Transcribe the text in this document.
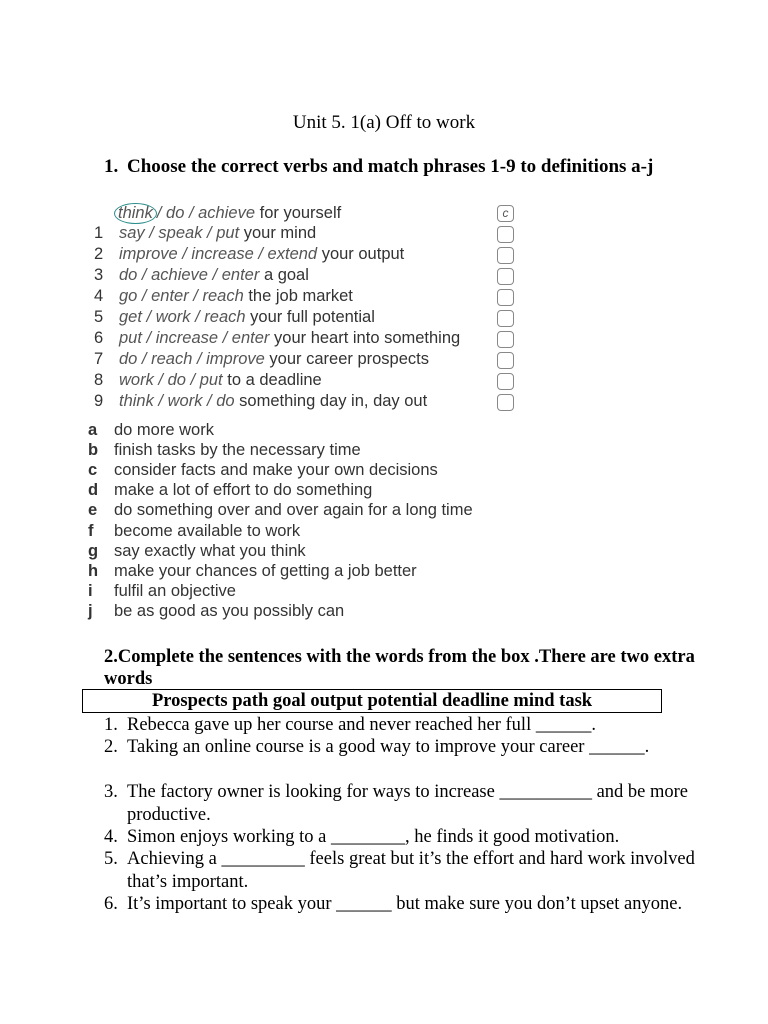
Unit 5. 1(a) Off to work
1. Choose the correct verbs and match phrases 1-9 to definitions a-j
think / do / achieve for yourself	c
1 say / speak / put your mind
2 improve / increase / extend your output
3 do / achieve / enter a goal
4 go / enter / reach the job market
5 get / work / reach your full potential
6 put / increase / enter your heart into something
7 do / reach / improve your career prospects
8 work / do / put to a deadline
9 think / work / do something day in, day out
a do more work
b finish tasks by the necessary time
c consider facts and make your own decisions
d make a lot of effort to do something
e do something over and over again for a long time
f become available to work
g say exactly what you think
h make your chances of getting a job better
i fulfil an objective
j be as good as you possibly can
2.Complete the sentences with the words from the box .There are two extra words
Prospects path goal output potential deadline mind task
1. Rebecca gave up her course and never reached her full ______.
2. Taking an online course is a good way to improve your career ______.
3. The factory owner is looking for ways to increase __________ and be more productive.
4. Simon enjoys working to a ________, he finds it good motivation.
5. Achieving a _________ feels great but it’s the effort and hard work involved that’s important.
6. It’s important to speak your ______ but make sure you don’t upset anyone.
